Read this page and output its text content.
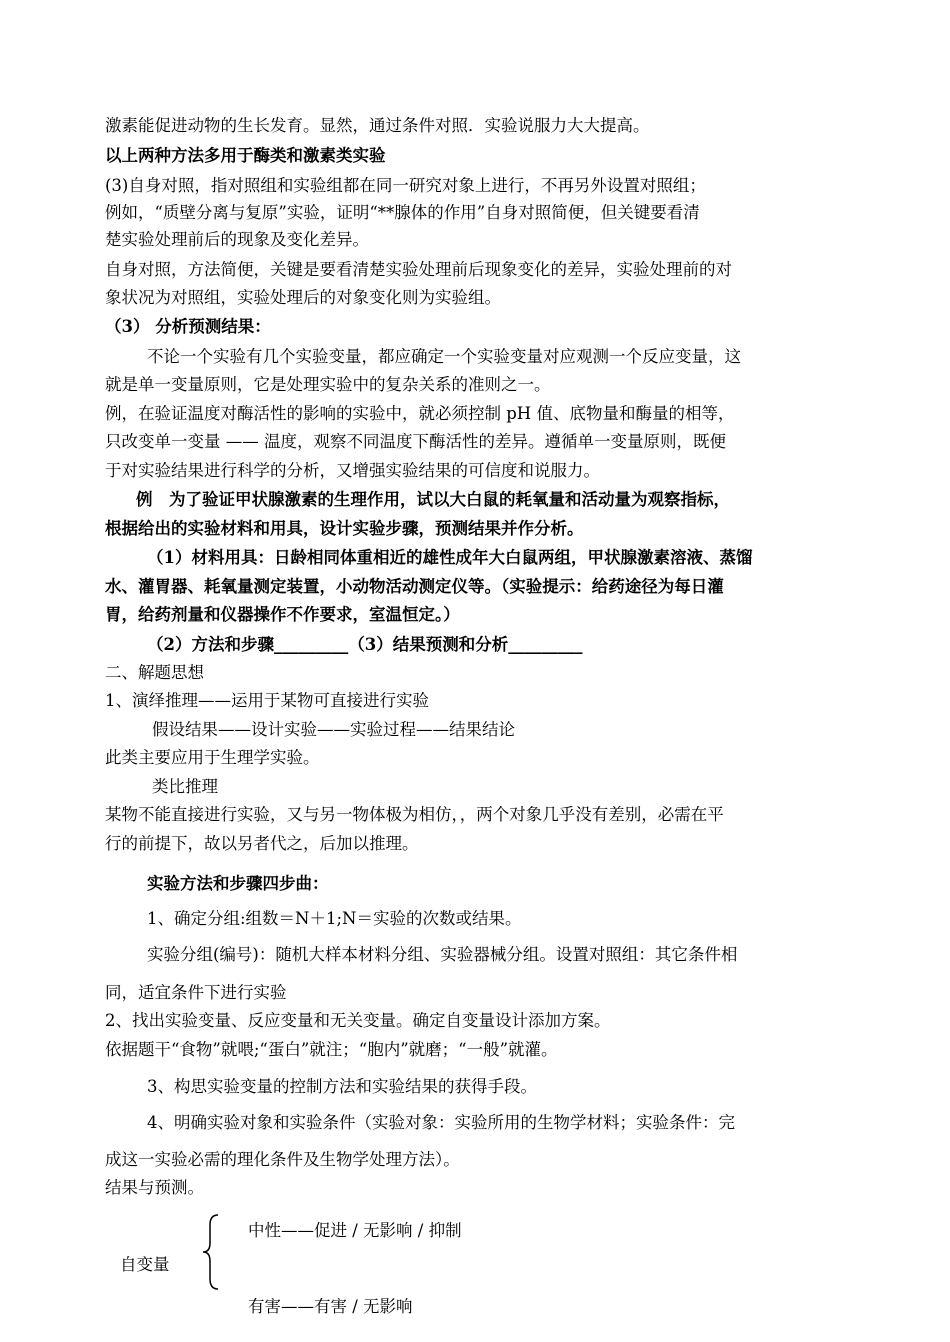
激素能促进动物的生长发育。显然，通过条件对照．实验说服力大大提高。
以上两种方法多用于酶类和激素类实验
(3)自身对照，指对照组和实验组都在同一研究对象上进行，不再另外设置对照组；
例如，“质壁分离与复原”实验，证明“**腺体的作用”自身对照简便，但关键要看清
楚实验处理前后的现象及变化差异。
自身对照，方法简便，关键是要看清楚实验处理前后现象变化的差异，实验处理前的对
象状况为对照组，实验处理后的对象变化则为实验组。
（3） 分析预测结果：
不论一个实验有几个实验变量，都应确定一个实验变量对应观测一个反应变量，这
就是单一变量原则，它是处理实验中的复杂关系的准则之一。
例，在验证温度对酶活性的影响的实验中，就必须控制 pH 值、底物量和酶量的相等，
只改变单一变量 —— 温度，观察不同温度下酶活性的差异。遵循单一变量原则，既便
于对实验结果进行科学的分析，又增强实验结果的可信度和说服力。
例　为了验证甲状腺激素的生理作用，试以大白鼠的耗氧量和活动量为观察指标，
根据给出的实验材料和用具，设计实验步骤，预测结果并作分析。
（1）材料用具：日龄相同体重相近的雄性成年大白鼠两组，甲状腺激素溶液、蒸馏
水、灌胃器、耗氧量测定装置，小动物活动测定仪等。（实验提示：给药途径为每日灌
胃，给药剂量和仪器操作不作要求，室温恒定。）
（2）方法和步骤_________（3）结果预测和分析_________
二、解题思想
1、演绎推理——运用于某物可直接进行实验
假设结果——设计实验——实验过程——结果结论
此类主要应用于生理学实验。
类比推理
某物不能直接进行实验，又与另一物体极为相仿，，两个对象几乎没有差别，必需在平
行的前提下，故以另者代之，后加以推理。
实验方法和步骤四步曲：
1、确定分组:组数＝N＋1;N＝实验的次数或结果。
实验分组(编号)：随机大样本材料分组、实验器械分组。设置对照组：其它条件相
同，适宜条件下进行实验
2、找出实验变量、反应变量和无关变量。确定自变量设计添加方案。
依据题干“食物”就喂;“蛋白”就注；“胞内”就磨；“一般”就灌。
3、构思实验变量的控制方法和实验结果的获得手段。
4、明确实验对象和实验条件（实验对象：实验所用的生物学材料；实验条件：完
成这一实验必需的理化条件及生物学处理方法）。
结果与预测。
中性——促进 / 无影响 / 抑制
自变量
有害——有害 / 无影响
